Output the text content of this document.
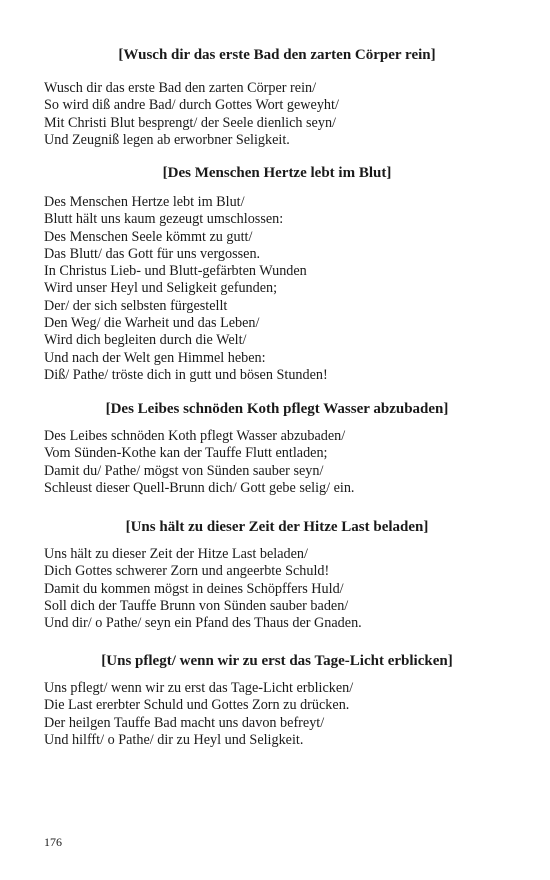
[Wusch dir das erste Bad den zarten Cörper rein]
Wusch dir das erste Bad den zarten Cörper rein/
So wird diß andre Bad/ durch Gottes Wort geweyht/
Mit Christi Blut besprengt/ der Seele dienlich seyn/
Und Zeugniß legen ab erworbner Seligkeit.
[Des Menschen Hertze lebt im Blut]
Des Menschen Hertze lebt im Blut/
Blutt hält uns kaum gezeugt umschlossen:
Des Menschen Seele kömmt zu gutt/
Das Blutt/ das Gott für uns vergossen.
In Christus Lieb- und Blutt-gefärbten Wunden
Wird unser Heyl und Seligkeit gefunden;
Der/ der sich selbsten fürgestellt
Den Weg/ die Warheit und das Leben/
Wird dich begleiten durch die Welt/
Und nach der Welt gen Himmel heben:
Diß/ Pathe/ tröste dich in gutt und bösen Stunden!
[Des Leibes schnöden Koth pflegt Wasser abzubaden]
Des Leibes schnöden Koth pflegt Wasser abzubaden/
Vom Sünden-Kothe kan der Tauffe Flutt entladen;
Damit du/ Pathe/ mögst von Sünden sauber seyn/
Schleust dieser Quell-Brunn dich/ Gott gebe selig/ ein.
[Uns hält zu dieser Zeit der Hitze Last beladen]
Uns hält zu dieser Zeit der Hitze Last beladen/
Dich Gottes schwerer Zorn und angeerbte Schuld!
Damit du kommen mögst in deines Schöpffers Huld/
Soll dich der Tauffe Brunn von Sünden sauber baden/
Und dir/ o Pathe/ seyn ein Pfand des Thaus der Gnaden.
[Uns pflegt/ wenn wir zu erst das Tage-Licht erblicken]
Uns pflegt/ wenn wir zu erst das Tage-Licht erblicken/
Die Last ererbter Schuld und Gottes Zorn zu drücken.
Der heilgen Tauffe Bad macht uns davon befreyt/
Und hilfft/ o Pathe/ dir zu Heyl und Seligkeit.
176
